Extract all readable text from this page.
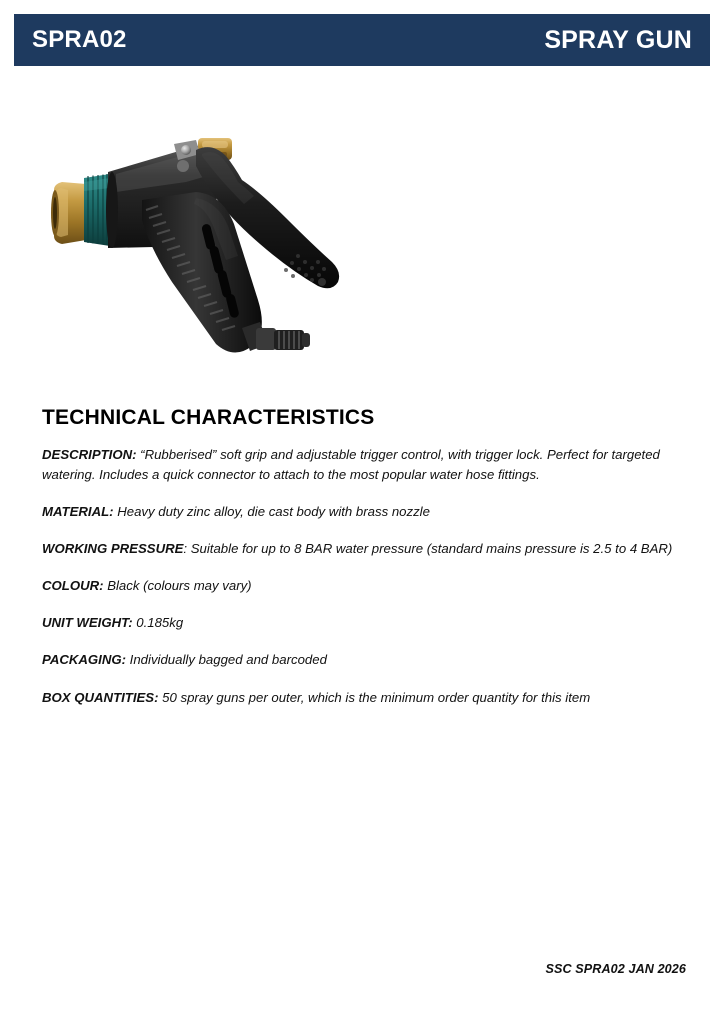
SPRA02	SPRAY GUN
TECHNICAL CHARACTERISTICS

DESCRIPTION: “Rubberised” soft grip and adjustable trigger control, with trigger lock. Perfect for targeted watering. Includes a quick connector to attach to the most popular water hose fittings.

MATERIAL: Heavy duty zinc alloy, die cast body with brass nozzle

WORKING PRESSURE: Suitable for up to 8 BAR water pressure (standard mains pressure is 2.5 to 4 BAR)

COLOUR: Black (colours may vary)

UNIT WEIGHT: 0.185kg

PACKAGING: Individually bagged and barcoded

BOX QUANTITIES: 50 spray guns per outer, which is the minimum order quantity for this item

SSC SPRA02 JAN 2026
